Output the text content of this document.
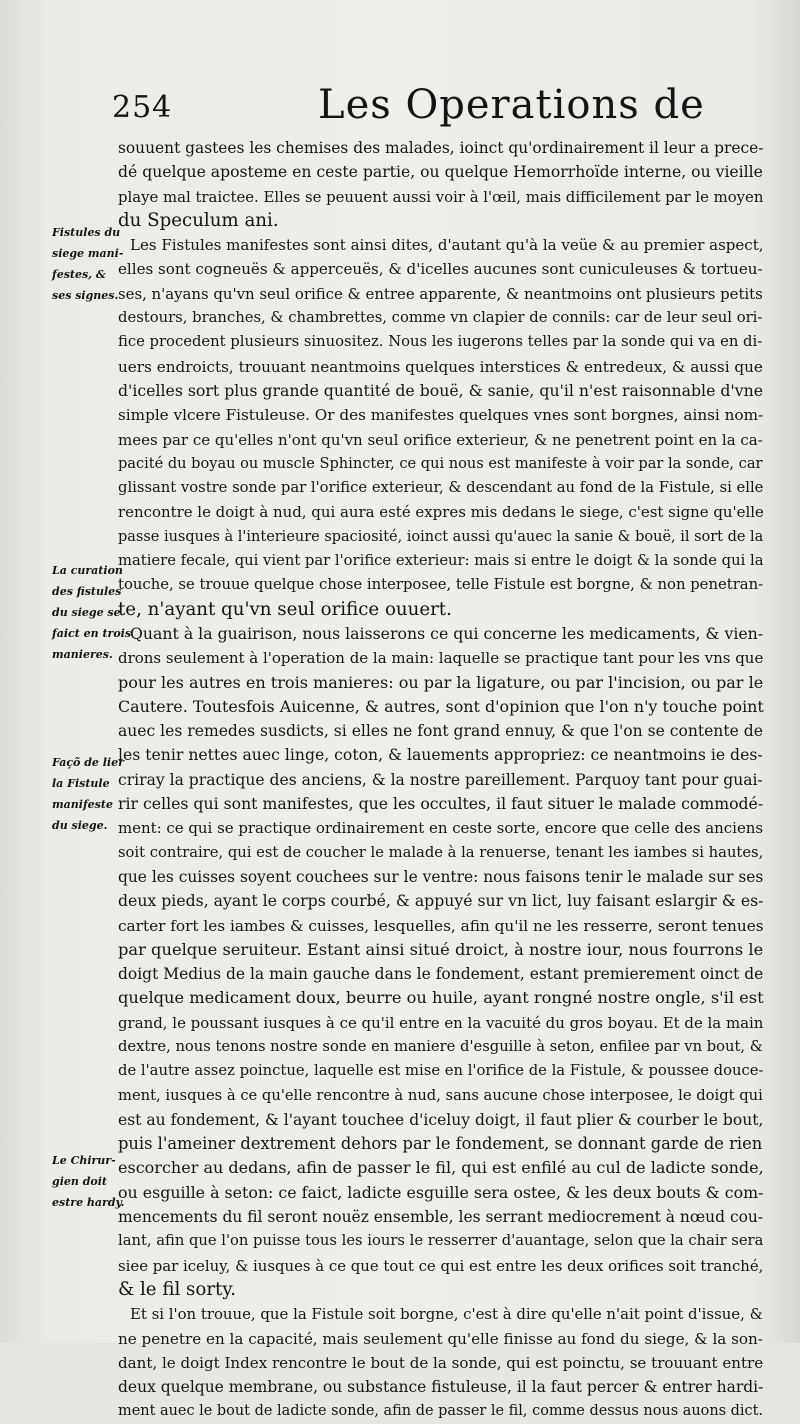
254	Les Operations de
Fistules du
siege mani-
festes, &
ses signes.
La curation
des fistules
du siege se
faict en trois
manieres.
Façõ de lier
la Fistule
manifeste
du siege.
Le Chirur-
gien doit
estre hardy.
souuent gastees les chemises des malades, ioinct qu'ordinairement il leur a prece-
dé quelque aposteme en ceste partie, ou quelque Hemorrhoïde interne, ou vieille
playe mal traictee. Elles se peuuent aussi voir à l'œil, mais difficilement par le moyen
du Speculum ani.
Les Fistules manifestes sont ainsi dites, d'autant qu'à la veüe & au premier aspect,
elles sont cogneuës & apperceuës, & d'icelles aucunes sont cuniculeuses & tortueu-
ses, n'ayans qu'vn seul orifice & entree apparente, & neantmoins ont plusieurs petits
destours, branches, & chambrettes, comme vn clapier de connils: car de leur seul ori-
fice procedent plusieurs sinuositez. Nous les iugerons telles par la sonde qui va en di-
uers endroicts, trouuant neantmoins quelques interstices & entredeux, & aussi que
d'icelles sort plus grande quantité de bouë, & sanie, qu'il n'est raisonnable d'vne
simple vlcere Fistuleuse. Or des manifestes quelques vnes sont borgnes, ainsi nom-
mees par ce qu'elles n'ont qu'vn seul orifice exterieur, & ne penetrent point en la ca-
pacité du boyau ou muscle Sphincter, ce qui nous est manifeste à voir par la sonde, car
glissant vostre sonde par l'orifice exterieur, & descendant au fond de la Fistule, si elle
rencontre le doigt à nud, qui aura esté expres mis dedans le siege, c'est signe qu'elle
passe iusques à l'interieure spaciosité, ioinct aussi qu'auec la sanie & bouë, il sort de la
matiere fecale, qui vient par l'orifice exterieur: mais si entre le doigt & la sonde qui la
touche, se trouue quelque chose interposee, telle Fistule est borgne, & non penetran-
te, n'ayant qu'vn seul orifice ouuert.
Quant à la guairison, nous laisserons ce qui concerne les medicaments, & vien-
drons seulement à l'operation de la main: laquelle se practique tant pour les vns que
pour les autres en trois manieres: ou par la ligature, ou par l'incision, ou par le
Cautere. Toutesfois Auicenne, & autres, sont d'opinion que l'on n'y touche point
auec les remedes susdicts, si elles ne font grand ennuy, & que l'on se contente de
les tenir nettes auec linge, coton, & lauements appropriez: ce neantmoins ie des-
criray la practique des anciens, & la nostre pareillement. Parquoy tant pour guai-
rir celles qui sont manifestes, que les occultes, il faut situer le malade commodé-
ment: ce qui se practique ordinairement en ceste sorte, encore que celle des anciens
soit contraire, qui est de coucher le malade à la renuerse, tenant les iambes si hautes,
que les cuisses soyent couchees sur le ventre: nous faisons tenir le malade sur ses
deux pieds, ayant le corps courbé, & appuyé sur vn lict, luy faisant eslargir & es-
carter fort les iambes & cuisses, lesquelles, afin qu'il ne les resserre, seront tenues
par quelque seruiteur. Estant ainsi situé droict, à nostre iour, nous fourrons le
doigt Medius de la main gauche dans le fondement, estant premierement oinct de
quelque medicament doux, beurre ou huile, ayant rongné nostre ongle, s'il est
grand, le poussant iusques à ce qu'il entre en la vacuité du gros boyau. Et de la main
dextre, nous tenons nostre sonde en maniere d'esguille à seton, enfilee par vn bout, &
de l'autre assez poinctue, laquelle est mise en l'orifice de la Fistule, & poussee douce-
ment, iusques à ce qu'elle rencontre à nud, sans aucune chose interposee, le doigt qui
est au fondement, & l'ayant touchee d'iceluy doigt, il faut plier & courber le bout,
puis l'ameiner dextrement dehors par le fondement, se donnant garde de rien
escorcher au dedans, afin de passer le fil, qui est enfilé au cul de ladicte sonde,
ou esguille à seton: ce faict, ladicte esguille sera ostee, & les deux bouts & com-
mencements du fil seront nouëz ensemble, les serrant mediocrement à nœud cou-
lant, afin que l'on puisse tous les iours le resserrer d'auantage, selon que la chair sera
siee par iceluy, & iusques à ce que tout ce qui est entre les deux orifices soit tranché,
& le fil sorty.
Et si l'on trouue, que la Fistule soit borgne, c'est à dire qu'elle n'ait point d'issue, &
ne penetre en la capacité, mais seulement qu'elle finisse au fond du siege, & la son-
dant, le doigt Index rencontre le bout de la sonde, qui est poinctu, se trouuant entre
deux quelque membrane, ou substance fistuleuse, il la faut percer & entrer hardi-
ment auec le bout de ladicte sonde, afin de passer le fil, comme dessus nous auons dict.
